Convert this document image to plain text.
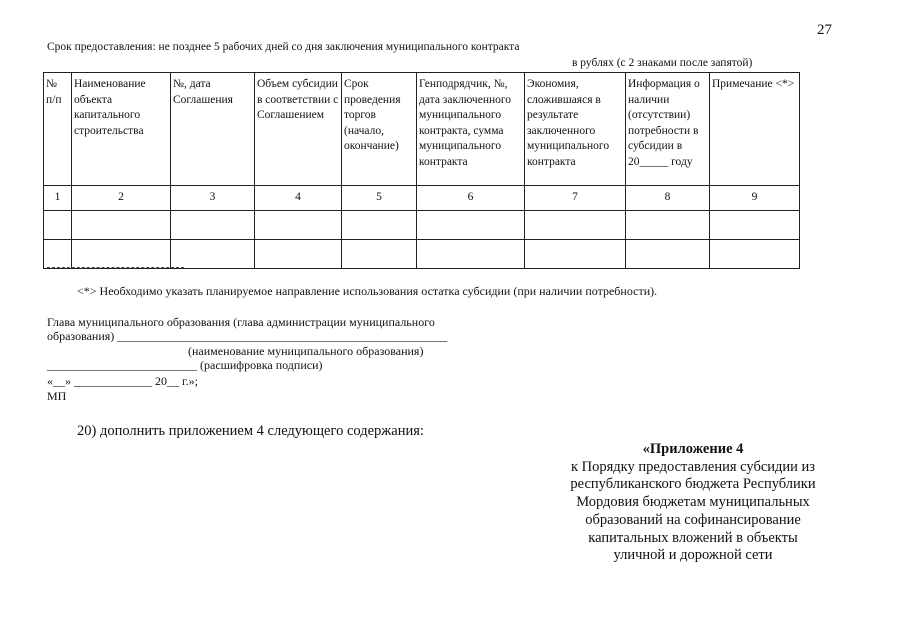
27
Срок предоставления: не позднее 5 рабочих дней со дня заключения муниципального контракта
в рублях (с 2 знаками после запятой)
№ п/п	Наименование объекта капитального строительства	№, дата Соглашения	Объем субсидии в соответствии с Соглашением	Срок проведения торгов (начало, окончание)	Генподрядчик, №, дата заключенного муниципального контракта, сумма муниципального контракта	Экономия, сложившаяся в результате заключенного муниципального контракта	Информация о наличии (отсутствии) потребности в субсидии в 20_____ году	Примечание <*>
1	2	3	4	5	6	7	8	9

<*> Необходимо указать планируемое направление использования остатка субсидии (при наличии потребности).
Глава муниципального образования (глава администрации муниципального
образования) _______________________________________________________
(наименование муниципального образования)
_________________________ (расшифровка подписи)
«__» _____________ 20__ г.»;
МП
20) дополнить приложением 4 следующего содержания:
«Приложение 4
к Порядку предоставления субсидии из
республиканского бюджета Республики
Мордовия бюджетам муниципальных
образований на софинансирование
капитальных вложений в объекты
уличной и дорожной сети
